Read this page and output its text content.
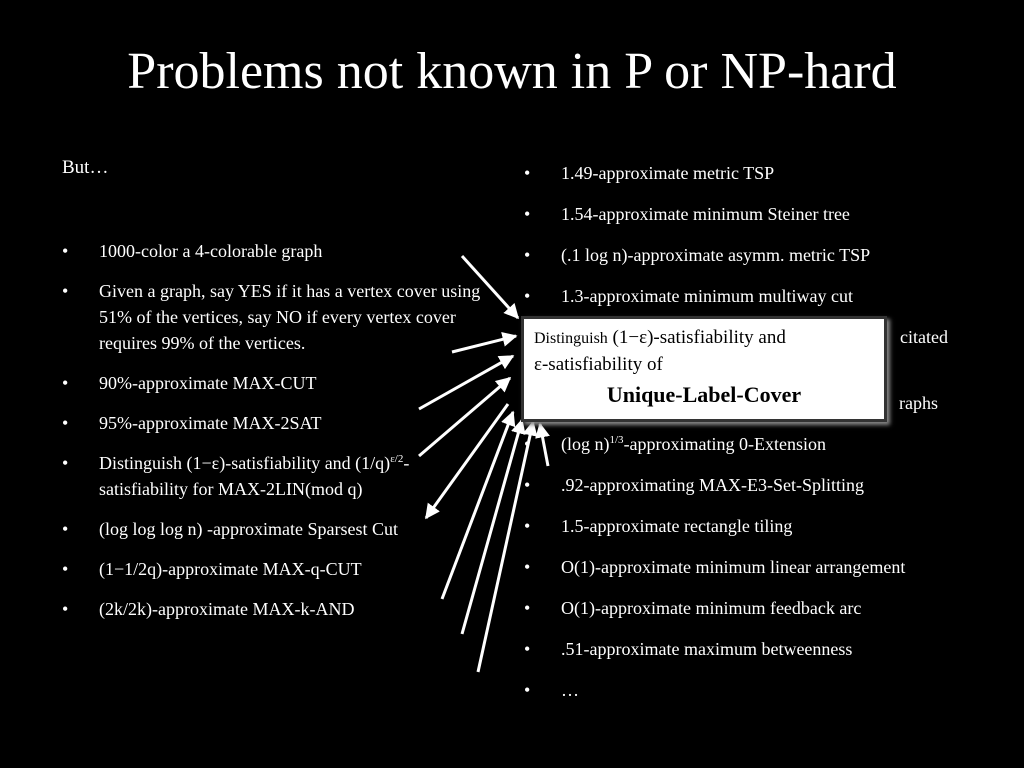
Problems not known in P or NP-hard
But…
• 1000-color a 4-colorable graph
• Given a graph, say YES if it has a vertex cover using 51% of the vertices, say NO if every vertex cover requires 99% of the vertices.
• 90%-approximate MAX-CUT
• 95%-approximate MAX-2SAT
• Distinguish (1−ε)-satisfiability and $(1/q)^{\varepsilon/2}$-satisfiability for MAX-2LIN(mod q)
• (log log log n) -approximate Sparsest Cut
• (1−1/2q)-approximate MAX-q-CUT
• (2k/2k)-approximate MAX-k-AND
• 1.49-approximate metric TSP
• 1.54-approximate minimum Steiner tree
• (.1 log n)-approximate asymm. metric TSP
• 1.3-approximate minimum multiway cut
citated
raphs
• (log n)$^{1/3}$-approximating 0-Extension
• .92-approximating MAX-E3-Set-Splitting
• 1.5-approximate rectangle tiling
• O(1)-approximate minimum linear arrangement
• O(1)-approximate minimum feedback arc
• .51-approximate maximum betweenness
• …
Distinguish (1−ε)-satisfiability and
ε-satisfiability of
Unique-Label-Cover
